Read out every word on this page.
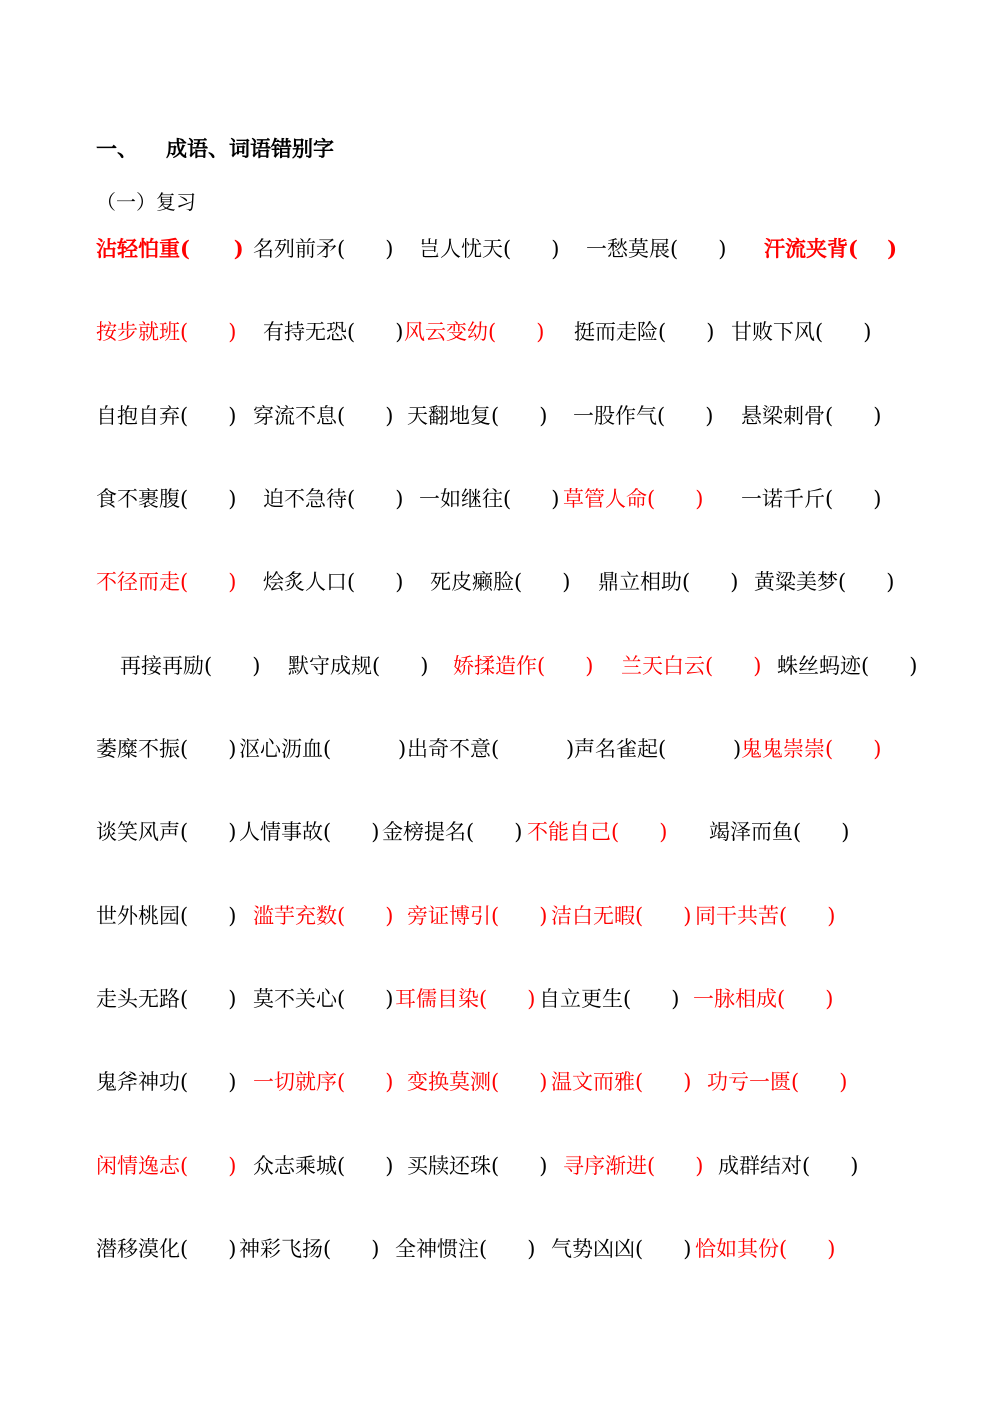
一、 成语、词语错别字
（一）复习
沾轻怕重(      ) 名列前矛(      ) 岂人忧天(      ) 一愁莫展(      ) 汗流夹背(    )
按步就班(      ) 有持无恐(      ) 风云变幼(      ) 挺而走险(      ) 甘败下风(      )
自抱自弃(      ) 穿流不息(      ) 天翻地复(      ) 一股作气(      ) 悬梁刺骨(      )
食不裹腹(      ) 迫不急待(      ) 一如继往(      ) 草管人命(      ) 一诺千斤(      )
不径而走(      ) 烩炙人口(      ) 死皮癞脸(      ) 鼎立相助(      ) 黄粱美梦(      )
再接再励(      ) 默守成规(      ) 娇揉造作(      ) 兰天白云(      ) 蛛丝蚂迹(      )
萎糜不振(      ) 沤心沥血(          ) 出奇不意(          ) 声名雀起(          ) 鬼鬼崇崇(      )
谈笑风声(      ) 人情事故(      ) 金榜提名(      ) 不能自己(      ) 竭泽而鱼(      )
世外桃园(      ) 滥芋充数(      ) 旁证博引(      ) 洁白无暇(      ) 同干共苦(      )
走头无路(      ) 莫不关心(      ) 耳儒目染(      ) 自立更生(      ) 一脉相成(      )
鬼斧神功(      ) 一切就序(      ) 变换莫测(      ) 温文而雅(      ) 功亏一匮(      )
闲情逸志(      ) 众志乘城(      ) 买牍还珠(      ) 寻序渐进(      ) 成群结对(      )
潜移漠化(      ) 神彩飞扬(      ) 全神惯注(      ) 气势凶凶(      ) 恰如其份(      )
